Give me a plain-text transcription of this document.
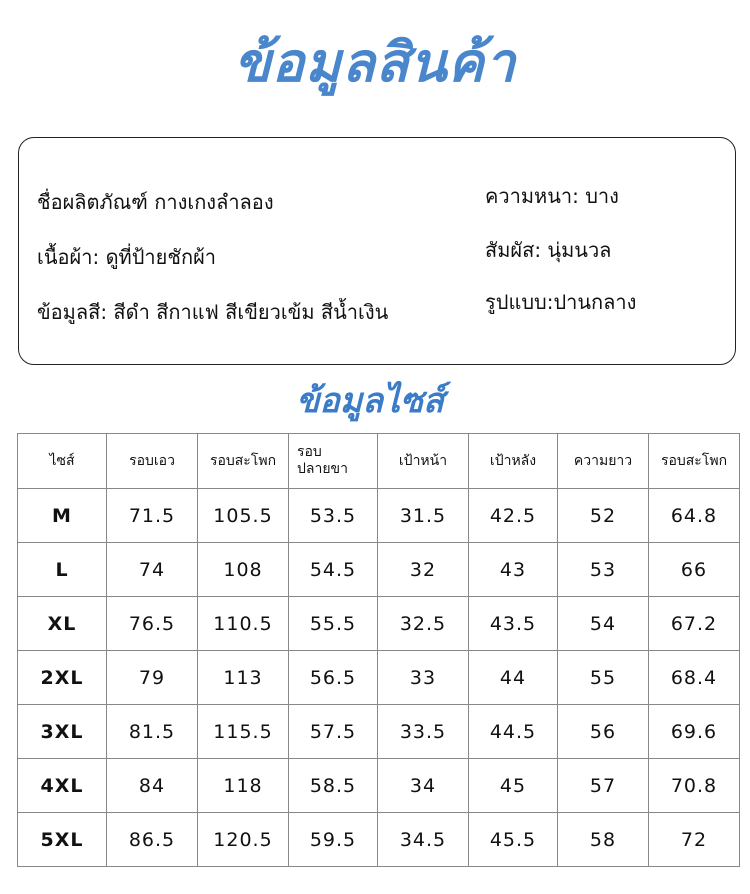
ข้อมูลสินค้า
ชื่อผลิตภัณฑ์ กางเกงลำลอง
เนื้อผ้า: ดูที่ป้ายชักผ้า
ข้อมูลสี: สีดำ สีกาแฟ สีเขียวเข้ม สีน้ำเงิน
ความหนา: บาง
สัมผัส: นุ่มนวล
รูปแบบ:ปานกลาง
ข้อมูลไซส์
ไซส์	รอบเอว	รอบสะโพก	รอบ
ปลายขา	เป้าหน้า	เป้าหลัง	ความยาว	รอบสะโพก
M	71.5	105.5	53.5	31.5	42.5	52	64.8
L	74	108	54.5	32	43	53	66
XL	76.5	110.5	55.5	32.5	43.5	54	67.2
2XL	79	113	56.5	33	44	55	68.4
3XL	81.5	115.5	57.5	33.5	44.5	56	69.6
4XL	84	118	58.5	34	45	57	70.8
5XL	86.5	120.5	59.5	34.5	45.5	58	72
